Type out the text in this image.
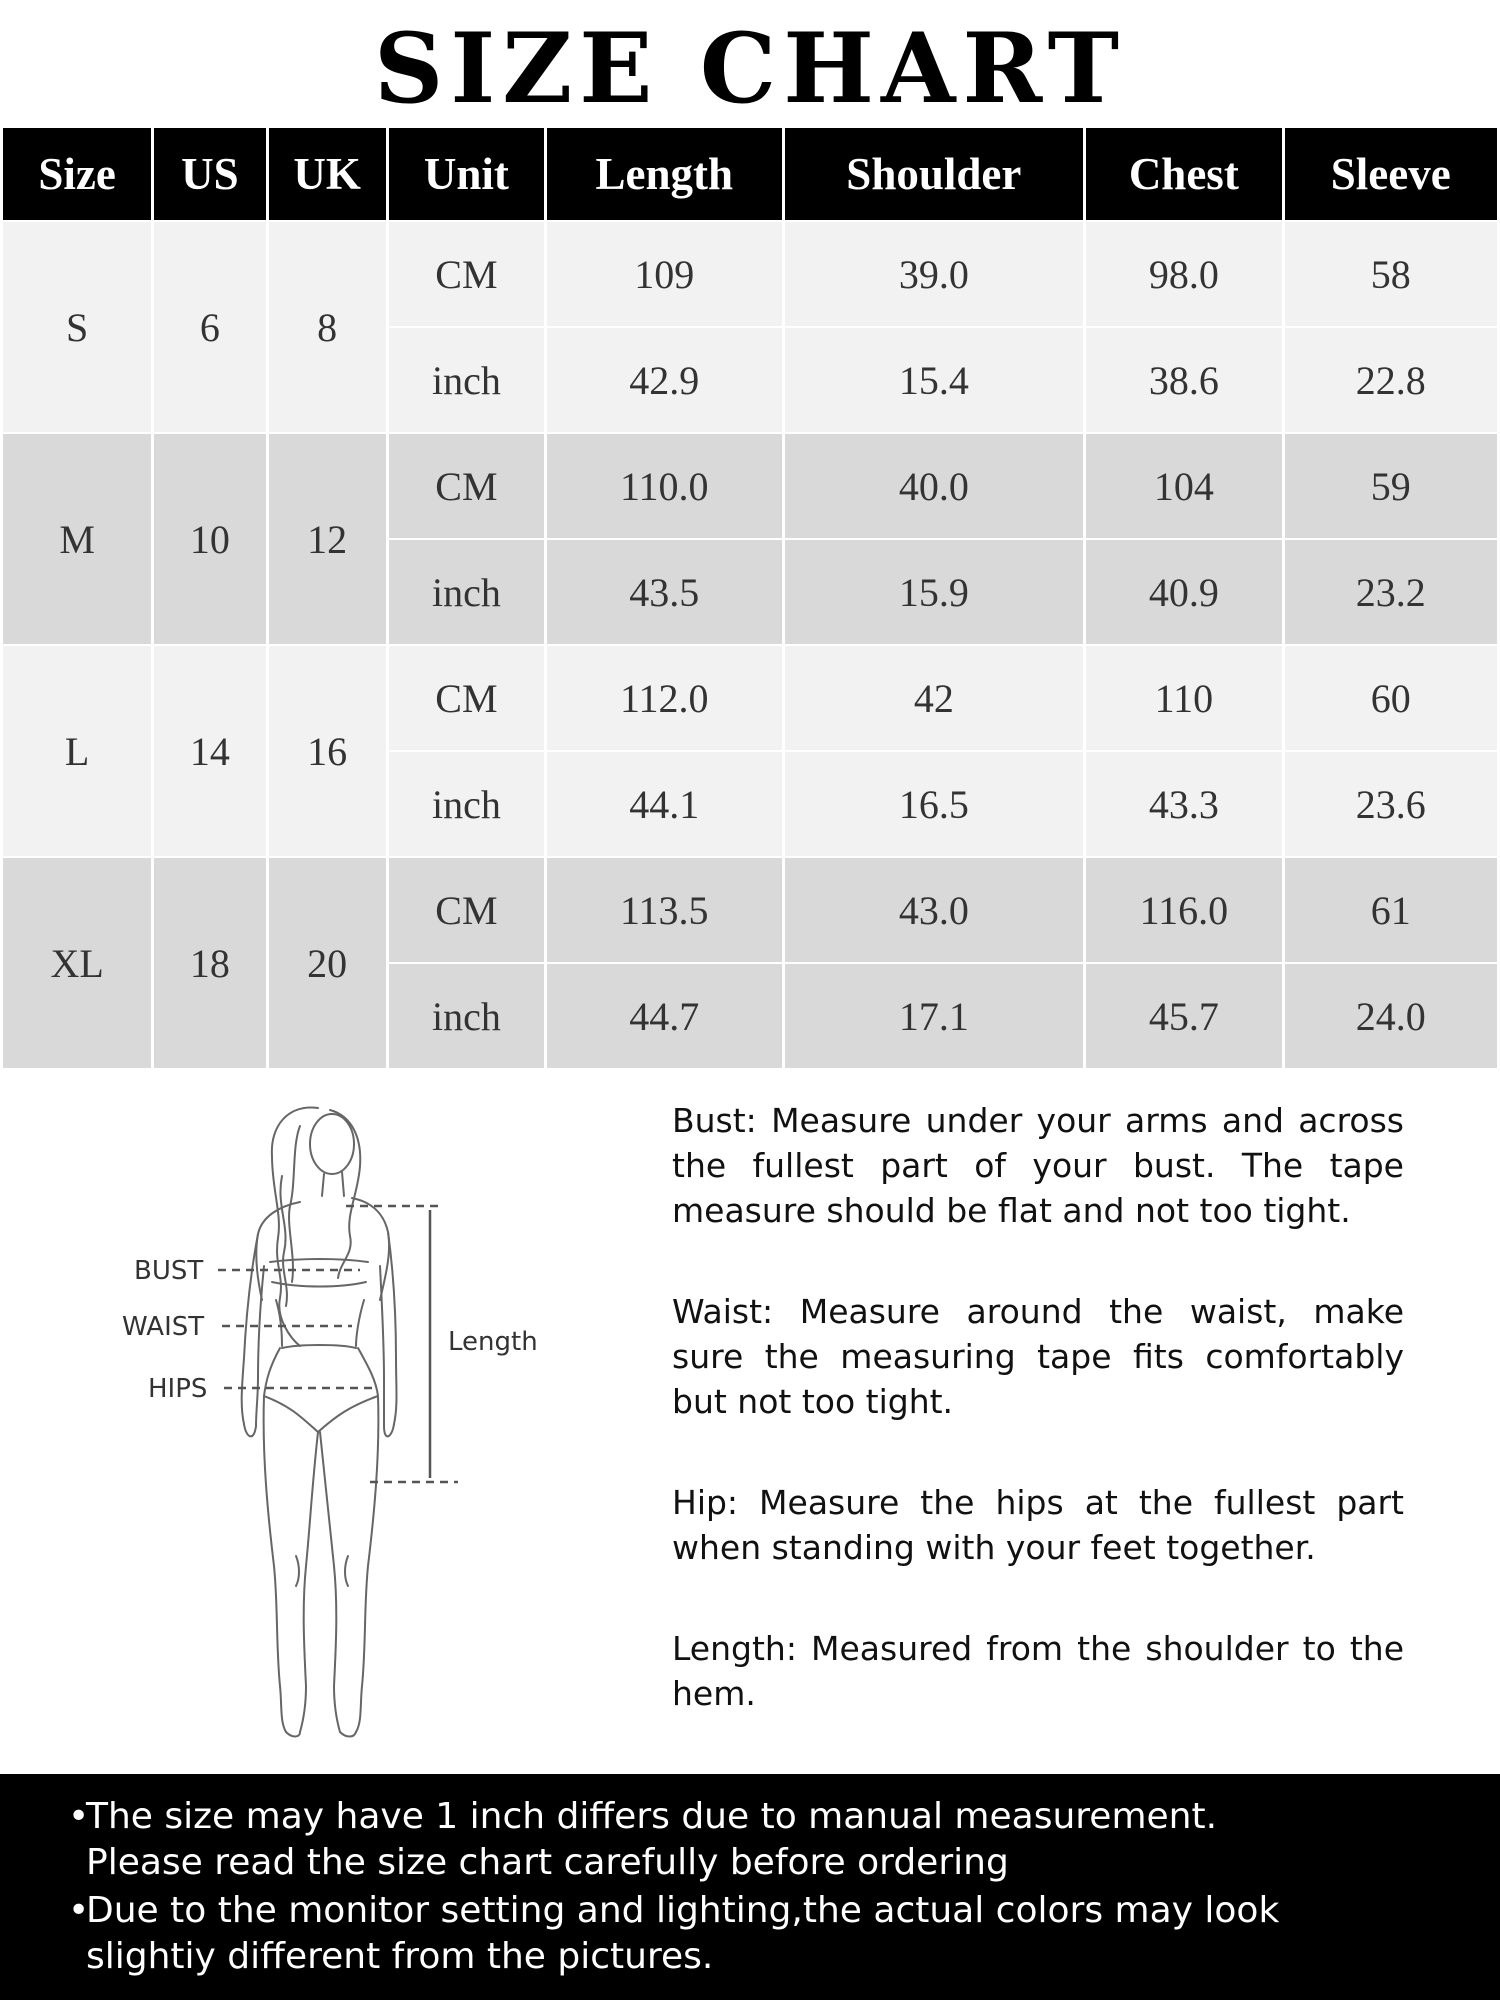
SIZE CHART
Size	US	UK	Unit	Length	Shoulder	Chest	Sleeve
S	6	8	CM	109	39.0	98.0	58
			inch	42.9	15.4	38.6	22.8
M	10	12	CM	110.0	40.0	104	59
			inch	43.5	15.9	40.9	23.2
L	14	16	CM	112.0	42	110	60
			inch	44.1	16.5	43.3	23.6
XL	18	20	CM	113.5	43.0	116.0	61
			inch	44.7	17.1	45.7	24.0
BUST
WAIST
HIPS
Length

Bust: Measure under your arms and across the fullest part of your bust. The tape measure should be flat and not too tight.

Waist: Measure around the waist, make sure the measuring tape fits comfortably but not too tight.

Hip: Measure the hips at the fullest part when standing with your feet together.

Length: Measured from the shoulder to the hem.

•
The size may have 1 inch differs due to manual measurement.
Please read the size chart carefully before ordering
•
Due to the monitor setting and lighting,the actual colors may look
slightiy different from the pictures.
